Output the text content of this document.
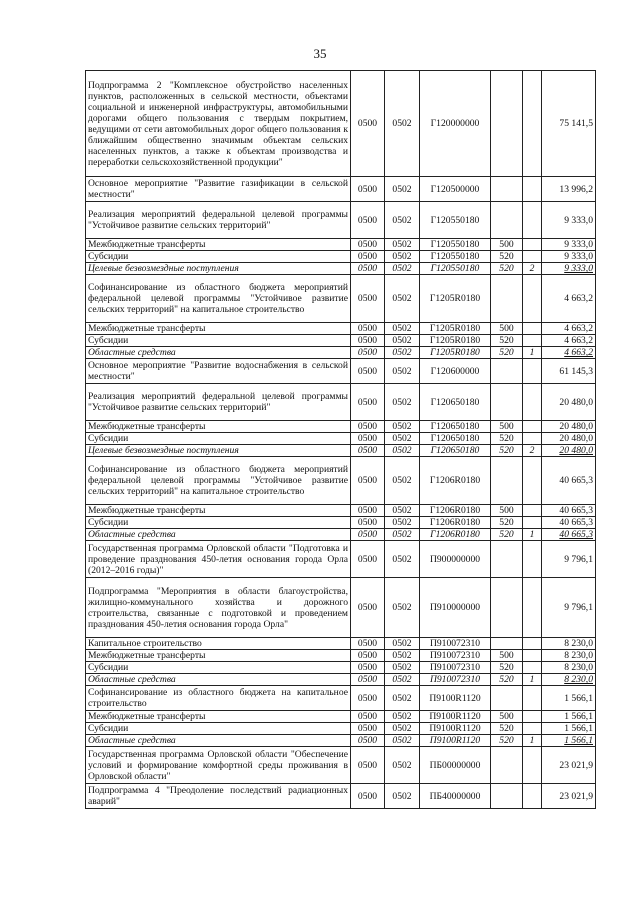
35
Подпрограмма 2 "Комплексное обустройство населенных пунктов, расположенных в сельской местности, объектами социальной и инженерной инфраструктуры, автомобильными дорогами общего пользования с твердым покрытием, ведущими от сети автомобильных дорог общего пользования к ближайшим общественно значимым объектам сельских населенных пунктов, а также к объектам производства и переработки сельскохозяйственной продукции"	0500	0502	Г120000000			75 141,5
Основное мероприятие "Развитие газификации в сельской местности"	0500	0502	Г120500000			13 996,2
Реализация мероприятий федеральной целевой программы "Устойчивое развитие сельских территорий"	0500	0502	Г120550180			9 333,0
Межбюджетные трансферты	0500	0502	Г120550180	500		9 333,0
Субсидии	0500	0502	Г120550180	520		9 333,0
Целевые безвозмездные поступления	0500	0502	Г120550180	520	2	9 333,0
Софинансирование из областного бюджета мероприятий федеральной целевой программы "Устойчивое развитие сельских территорий" на капитальное строительство	0500	0502	Г1205R0180			4 663,2
Межбюджетные трансферты	0500	0502	Г1205R0180	500		4 663,2
Субсидии	0500	0502	Г1205R0180	520		4 663,2
Областные средства	0500	0502	Г1205R0180	520	1	4 663,2
Основное мероприятие "Развитие водоснабжения в сельской местности"	0500	0502	Г120600000			61 145,3
Реализация мероприятий федеральной целевой программы "Устойчивое развитие сельских территорий"	0500	0502	Г120650180			20 480,0
Межбюджетные трансферты	0500	0502	Г120650180	500		20 480,0
Субсидии	0500	0502	Г120650180	520		20 480,0
Целевые безвозмездные поступления	0500	0502	Г120650180	520	2	20 480,0
Софинансирование из областного бюджета мероприятий федеральной целевой программы "Устойчивое развитие сельских территорий" на капитальное строительство	0500	0502	Г1206R0180			40 665,3
Межбюджетные трансферты	0500	0502	Г1206R0180	500		40 665,3
Субсидии	0500	0502	Г1206R0180	520		40 665,3
Областные средства	0500	0502	Г1206R0180	520	1	40 665,3
Государственная программа Орловской области "Подготовка и проведение празднования 450-летия основания города Орла (2012–2016 годы)"	0500	0502	П900000000			9 796,1
Подпрограмма "Мероприятия в области благоустройства, жилищно-коммунального хозяйства и дорожного строительства, связанные с подготовкой и проведением празднования 450-летия основания города Орла"	0500	0502	П910000000			9 796,1
Капитальное строительство	0500	0502	П910072310			8 230,0
Межбюджетные трансферты	0500	0502	П910072310	500		8 230,0
Субсидии	0500	0502	П910072310	520		8 230,0
Областные средства	0500	0502	П910072310	520	1	8 230,0
Софинансирование из областного бюджета на капитальное строительство	0500	0502	П9100R1120			1 566,1
Межбюджетные трансферты	0500	0502	П9100R1120	500		1 566,1
Субсидии	0500	0502	П9100R1120	520		1 566,1
Областные средства	0500	0502	П9100R1120	520	1	1 566,1
Государственная программа Орловской области "Обеспечение условий и формирование комфортной среды проживания в Орловской области"	0500	0502	ПБ00000000			23 021,9
Подпрограмма 4 "Преодоление последствий радиационных аварий"	0500	0502	ПБ40000000			23 021,9
